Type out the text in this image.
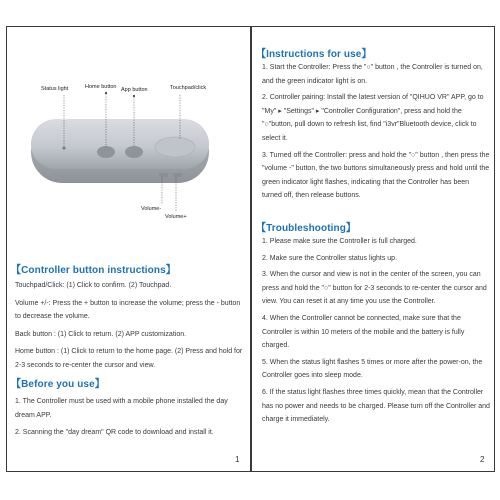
Status light	Home button App button	Touchpad/click
Volume-
Volume+
【Controller button instructions】

Touchpad/Click: (1) Click to confirm. (2) Touchpad.

Volume +/-: Press the + button to increase the volume; press the - button to decrease the volume.

Back button : (1) Click to return. (2) APP customization.

Home button : (1) Click to return to the home page. (2) Press and hold for 2-3 seconds to re-center the cursor and view.

【Before you use】

1. The Controller must be used with a mobile phone installed the day dream APP.

2. Scanning the "day dream" QR code to download and install it.

1
【Instructions for use】

1. Start the Controller: Press the "○" button , the Controller is turned on, and the green indicator light is on.

2. Controller pairing: Install the latest version of "QIHUO VR" APP, go to "My" ▸ "Settings" ▸ "Controller Configuration", press and hold the "○"button, pull down to refresh list, find "i3vr"Bluetooth device, click to select it.

3. Turned off the Controller: press and hold the "○" button , then press the "volume -" button, the two buttons simultaneously press and hold until the green indicator light flashes, indicating that the Controller has been turned off, then release buttons.

【Troubleshooting】

1. Please make sure the Controller is full charged.

2. Make sure the Controller status lights up.

3. When the cursor and view is not in the center of the screen, you can press and hold the "○" button for 2-3 seconds to re-center the cursor and view. You can reset it at any time you use the Controller.

4. When the Controller cannot be connected, make sure that the Controller is within 10 meters of the mobile and the battery is fully charged.

5. When the status light flashes 5 times or more after the power-on, the Controller goes into sleep mode.

6. If the status light flashes three times quickly, mean that the Controller has no power and needs to be charged. Please turn off the Controller and charge it immediately.

2
